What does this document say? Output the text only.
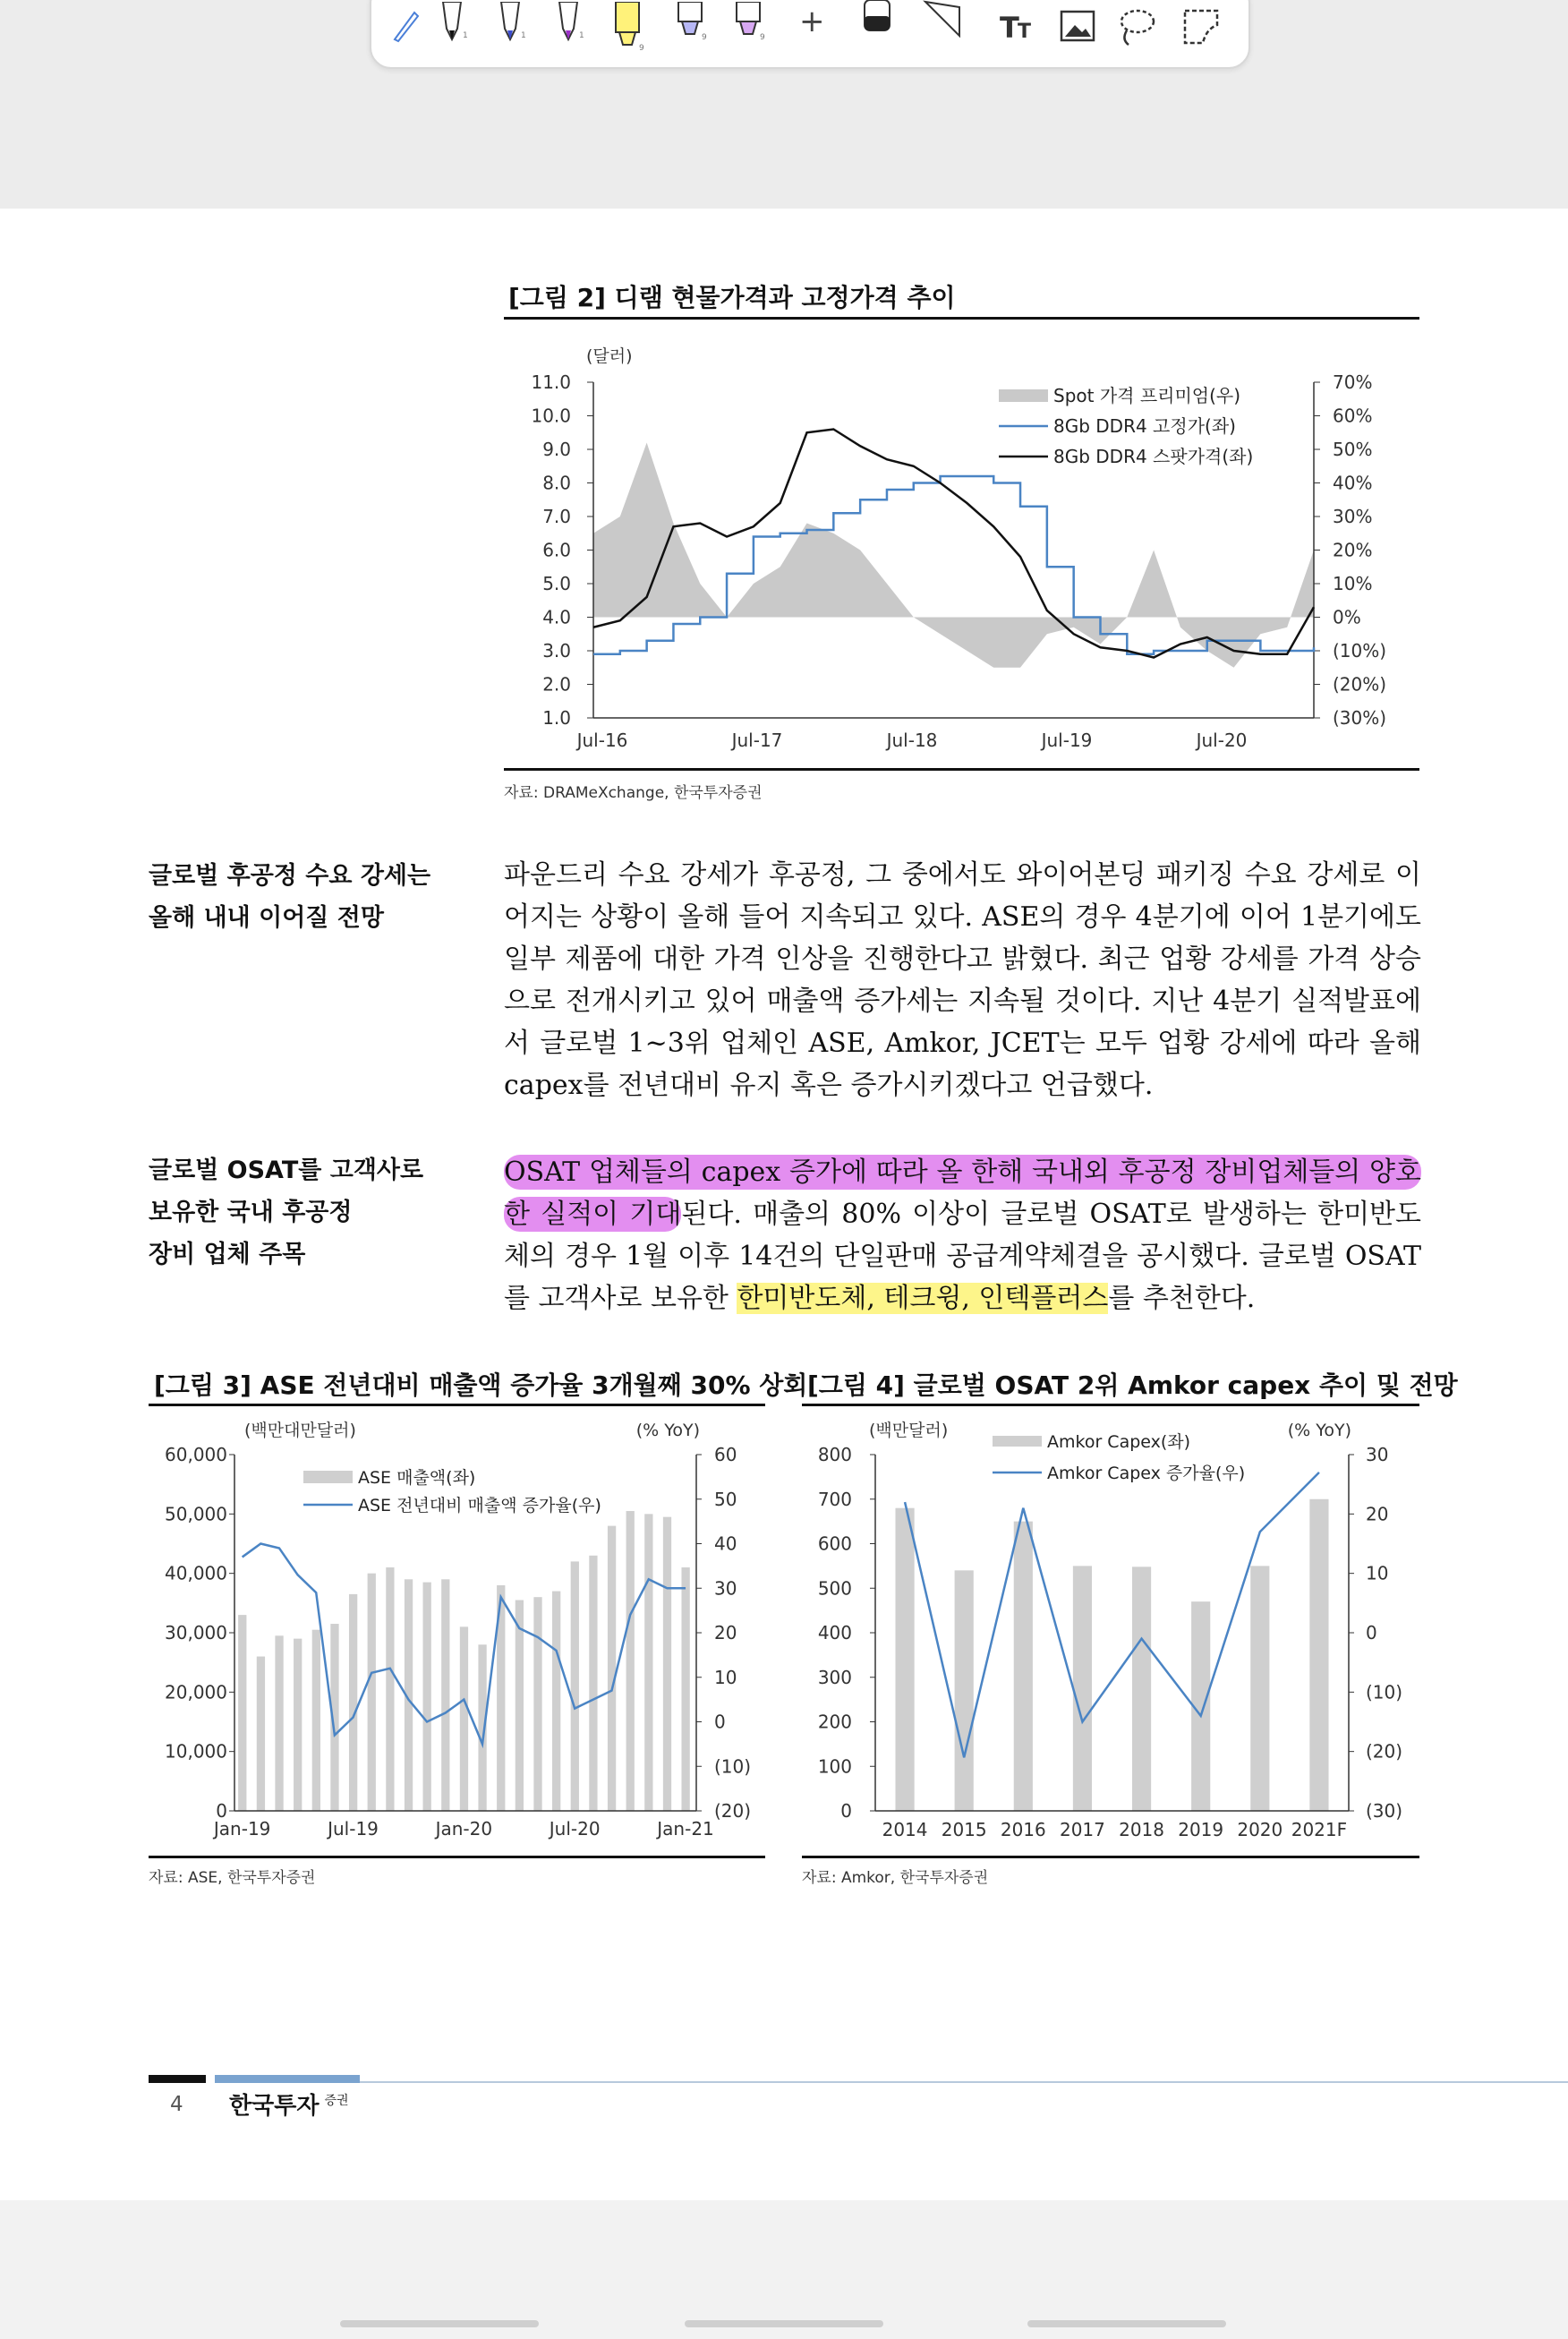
1	1	1
9
9	9 +	T
T
[그림 2] 디램 현물가격과 고정가격 추이
(달러)
11.0
10.0
9.0
8.0
7.0
6.0
5.0
4.0
3.0
2.0
1.0
70%
60%
50%
40%
30%
20%
10%
0%
(10%)
(20%)
(30%)
Jul-16	Jul-17	Jul-18	Jul-19	Jul-20
Spot 가격 프리미엄(우)
8Gb DDR4 고정가(좌)
8Gb DDR4 스팟가격(좌)
자료: DRAMeXchange, 한국투자증권
글로벌 후공정 수요 강세는
올해 내내 이어질 전망
파운드리 수요 강세가 후공정, 그 중에서도 와이어본딩 패키징 수요 강세로 이어지는 상황이 올해 들어 지속되고 있다. ASE의 경우 4분기에 이어 1분기에도 일부 제품에 대한 가격 인상을 진행한다고 밝혔다. 최근 업황 강세를 가격 상승으로 전개시키고 있어 매출액 증가세는 지속될 것이다. 지난 4분기 실적발표에서 글로벌 1~3위 업체인 ASE, Amkor, JCET는 모두 업황 강세에 따라 올해 capex를 전년대비 유지 혹은 증가시키겠다고 언급했다.
글로벌 OSAT를 고객사로
보유한 국내 후공정
장비 업체 주목
OSAT 업체들의 capex 증가에 따라 올 한해 국내외 후공정 장비업체들의 양호한 실적이 기대된다. 매출의 80% 이상이 글로벌 OSAT로 발생하는 한미반도체의 경우 1월 이후 14건의 단일판매 공급계약체결을 공시했다. 글로벌 OSAT를 고객사로 보유한 한미반도체, 테크윙, 인텍플러스를 추천한다.
[그림 3] ASE 전년대비 매출액 증가율 3개월째 30% 상회
(백만대만달러)	(% YoY)
60,000
50,000
40,000
30,000
20,000
10,000
0
60
50
40
30
20
10
0
(10)
(20)
Jan-19	Jul-19	Jan-20	Jul-20	Jan-21
ASE 매출액(좌)
ASE 전년대비 매출액 증가율(우)
자료: ASE, 한국투자증권
[그림 4] 글로벌 OSAT 2위 Amkor capex 추이 및 전망
(백만달러)	(% YoY)
800
700
600
500
400
300
200
100
0
30
20
10
0
(10)
(20)
(30)
2014 2015 2016 2017 2018 2019 2020 2021F
Amkor Capex(좌)
Amkor Capex 증가율(우)
자료: Amkor, 한국투자증권
4 한국투자 $^{증권}$
